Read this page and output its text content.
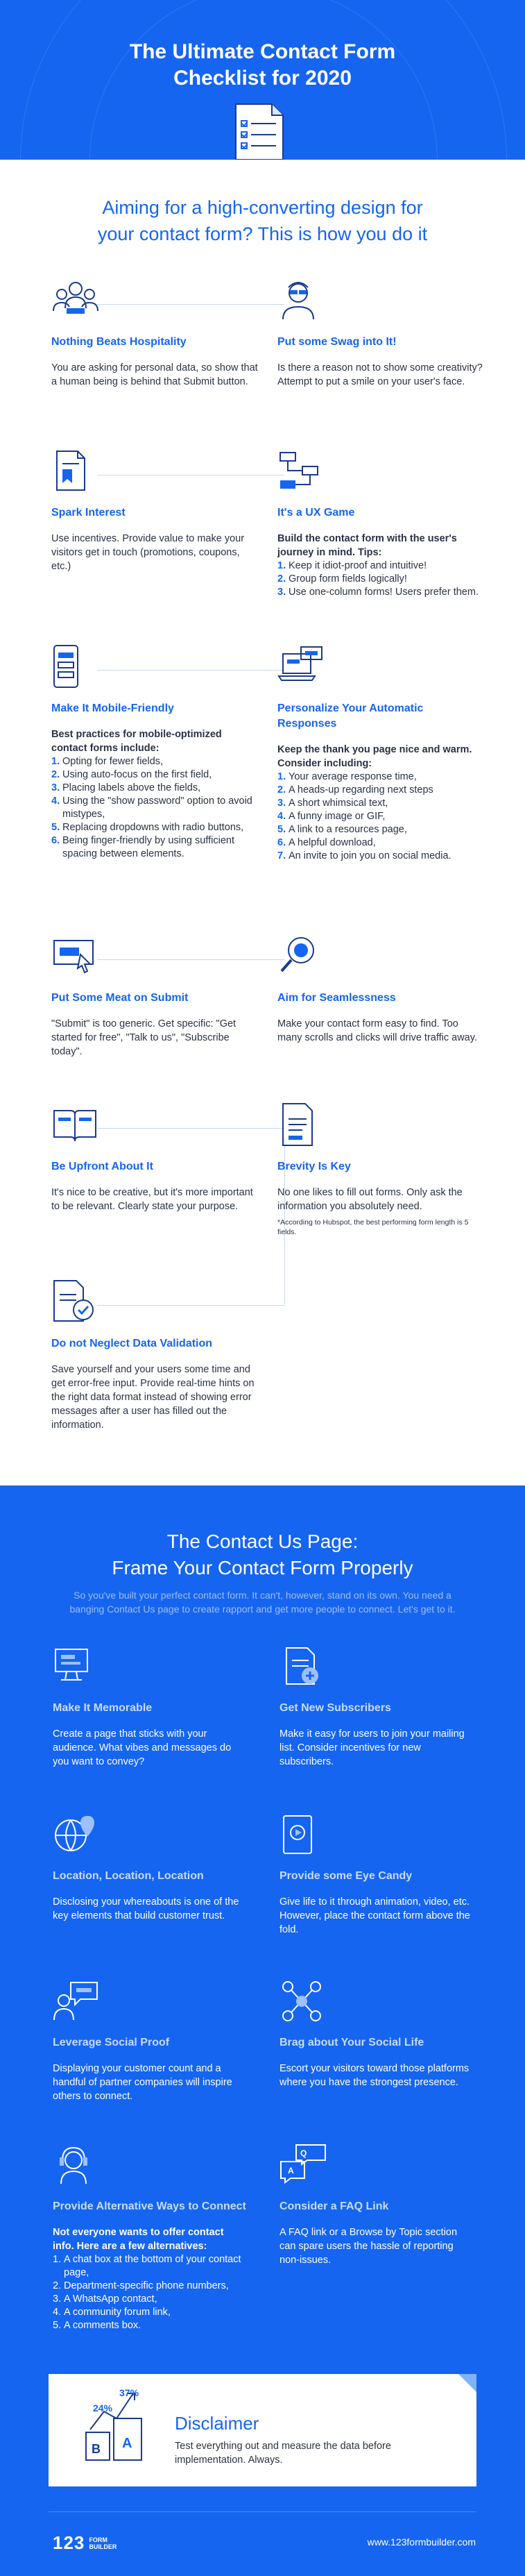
The Ultimate Contact Form
Checklist for 2020
Aiming for a high-converting design for
your contact form? This is how you do it
Nothing Beats Hospitality

You are asking for personal data, so show that a human being is behind that Submit button.

Put some Swag into It!

Is there a reason not to show some creativity? Attempt to put a smile on your user's face.

Spark Interest

Use incentives. Provide value to make your visitors get in touch (promotions, coupons, etc.)

It's a UX Game
Build the contact form with the user's journey in mind. Tips:
1. Keep it idiot-proof and intuitive!
2. Group form fields logically!
3. Use one-column forms! Users prefer them.
Make It Mobile-Friendly
Best practices for mobile-optimized contact forms include:
1. Opting for fewer fields,
2. Using auto-focus on the first field,
3. Placing labels above the fields,
4. Using the "show password" option to avoid mistypes,
5. Replacing dropdowns with radio buttons,
6. Being finger-friendly by using sufficient spacing between elements.
Personalize Your Automatic Responses
Keep the thank you page nice and warm. Consider including:
1. Your average response time,
2. A heads-up regarding next steps
3. A short whimsical text,
4. A funny image or GIF,
5. A link to a resources page,
6. A helpful download,
7. An invite to join you on social media.
Put Some Meat on Submit

"Submit" is too generic. Get specific: "Get started for free", "Talk to us", "Subscribe today".

Aim for Seamlessness

Make your contact form easy to find. Too many scrolls and clicks will drive traffic away.

Be Upfront About It

It's nice to be creative, but it's more important to be relevant. Clearly state your purpose.

Brevity Is Key

No one likes to fill out forms. Only ask the information you absolutely need.

*According to Hubspot, the best performing form length is 5 fields.
Do not Neglect Data Validation

Save yourself and your users some time and get error-free input. Provide real-time hints on the right data format instead of showing error messages after a user has filled out the information.

The Contact Us Page:
Frame Your Contact Form Properly
So you've built your perfect contact form. It can't, however, stand on its own. You need a banging Contact Us page to create rapport and get more people to connect. Let's get to it.
Make It Memorable

Create a page that sticks with your audience. What vibes and messages do you want to convey?

Get New Subscribers

Make it easy for users to join your mailing list. Consider incentives for new subscribers.

Location, Location, Location

Disclosing your whereabouts is one of the key elements that build customer trust.

Provide some Eye Candy

Give life to it through animation, video, etc. However, place the contact form above the fold.

Leverage Social Proof

Displaying your customer count and a handful of partner companies will inspire others to connect.

Brag about Your Social Life

Escort your visitors toward those platforms where you have the strongest presence.

Provide Alternative Ways to Connect
Not everyone wants to offer contact info. Here are a few alternatives:
1. A chat box at the bottom of your contact page,
2. Department-specific phone numbers,
3. A WhatsApp contact,
4. A community forum link,
5. A comments box.
Q
A
Consider a FAQ Link

A FAQ link or a Browse by Topic section can spare users the hassle of reporting non-issues.

24%
37%
B A
Disclaimer
Test everything out and measure the data before implementation. Always.
123 FORM
BUILDER	www.123formbuilder.com
